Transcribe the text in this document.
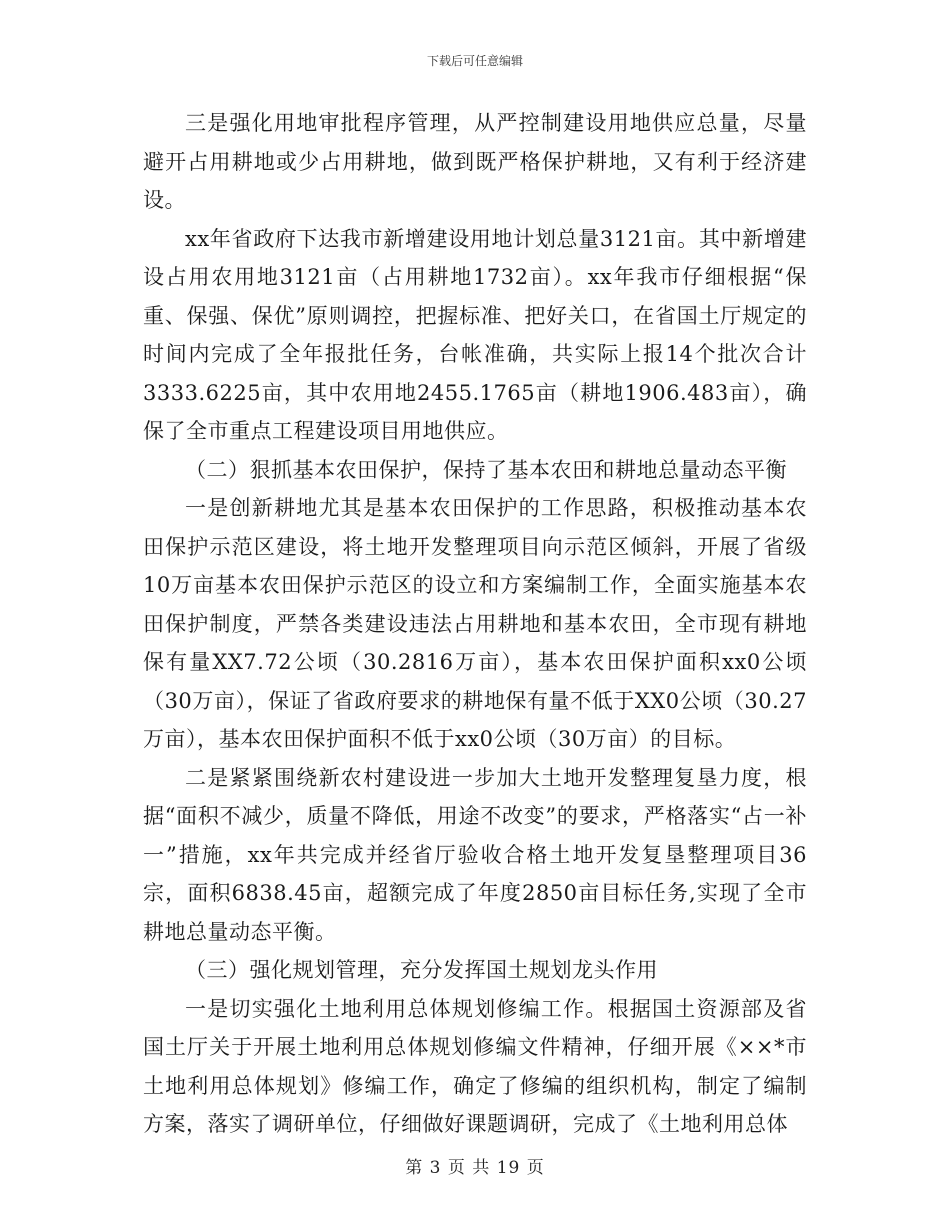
下载后可任意编辑

三是强化用地审批程序管理，从严控制建设用地供应总量，尽量避开占用耕地或少占用耕地，做到既严格保护耕地，又有利于经济建设。

xx年省政府下达我市新增建设用地计划总量3121亩。其中新增建设占用农用地3121亩（占用耕地1732亩）。xx年我市仔细根据“保重、保强、保优”原则调控，把握标准、把好关口，在省国土厅规定的时间内完成了全年报批任务，台帐准确，共实际上报14个批次合计3333.6225亩，其中农用地2455.1765亩（耕地1906.483亩），确保了全市重点工程建设项目用地供应。

（二）狠抓基本农田保护，保持了基本农田和耕地总量动态平衡

一是创新耕地尤其是基本农田保护的工作思路，积极推动基本农田保护示范区建设，将土地开发整理项目向示范区倾斜，开展了省级10万亩基本农田保护示范区的设立和方案编制工作，全面实施基本农田保护制度，严禁各类建设违法占用耕地和基本农田，全市现有耕地保有量XX7.72公顷（30.2816万亩），基本农田保护面积xx0公顷（30万亩），保证了省政府要求的耕地保有量不低于XX0公顷（30.27万亩），基本农田保护面积不低于xx0公顷（30万亩）的目标。

二是紧紧围绕新农村建设进一步加大土地开发整理复垦力度，根据“面积不减少，质量不降低，用途不改变”的要求，严格落实“占一补一”措施，xx年共完成并经省厅验收合格土地开发复垦整理项目36宗，面积6838.45亩，超额完成了年度2850亩目标任务,实现了全市耕地总量动态平衡。

（三）强化规划管理，充分发挥国土规划龙头作用

一是切实强化土地利用总体规划修编工作。根据国土资源部及省国土厅关于开展土地利用总体规划修编文件精神，仔细开展《××*市土地利用总体规划》修编工作，确定了修编的组织机构，制定了编制方案，落实了调研单位，仔细做好课题调研，完成了《土地利用总体

第 3 页 共 19 页
